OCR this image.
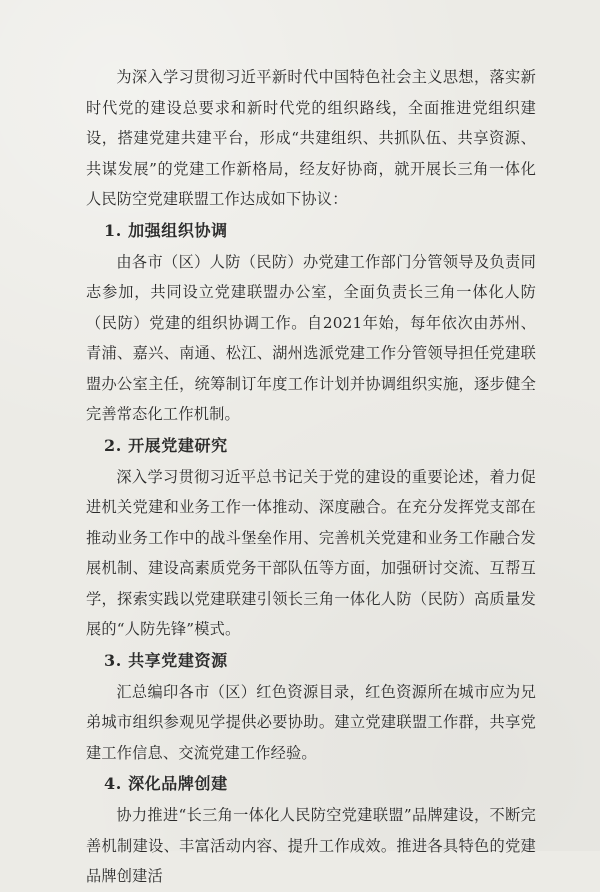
为深入学习贯彻习近平新时代中国特色社会主义思想，落实新时代党的建设总要求和新时代党的组织路线，全面推进党组织建设，搭建党建共建平台，形成“共建组织、共抓队伍、共享资源、共谋发展”的党建工作新格局，经友好协商，就开展长三角一体化人民防空党建联盟工作达成如下协议：

1. 加强组织协调

由各市（区）人防（民防）办党建工作部门分管领导及负责同志参加，共同设立党建联盟办公室，全面负责长三角一体化人防（民防）党建的组织协调工作。自2021年始，每年依次由苏州、青浦、嘉兴、南通、松江、湖州选派党建工作分管领导担任党建联盟办公室主任，统筹制订年度工作计划并协调组织实施，逐步健全完善常态化工作机制。

2. 开展党建研究

深入学习贯彻习近平总书记关于党的建设的重要论述，着力促进机关党建和业务工作一体推动、深度融合。在充分发挥党支部在推动业务工作中的战斗堡垒作用、完善机关党建和业务工作融合发展机制、建设高素质党务干部队伍等方面，加强研讨交流、互帮互学，探索实践以党建联建引领长三角一体化人防（民防）高质量发展的“人防先锋”模式。

3. 共享党建资源

汇总编印各市（区）红色资源目录，红色资源所在城市应为兄弟城市组织参观见学提供必要协助。建立党建联盟工作群，共享党建工作信息、交流党建工作经验。

4. 深化品牌创建

协力推进“长三角一体化人民防空党建联盟”品牌建设，不断完善机制建设、丰富活动内容、提升工作成效。推进各具特色的党建品牌创建活
